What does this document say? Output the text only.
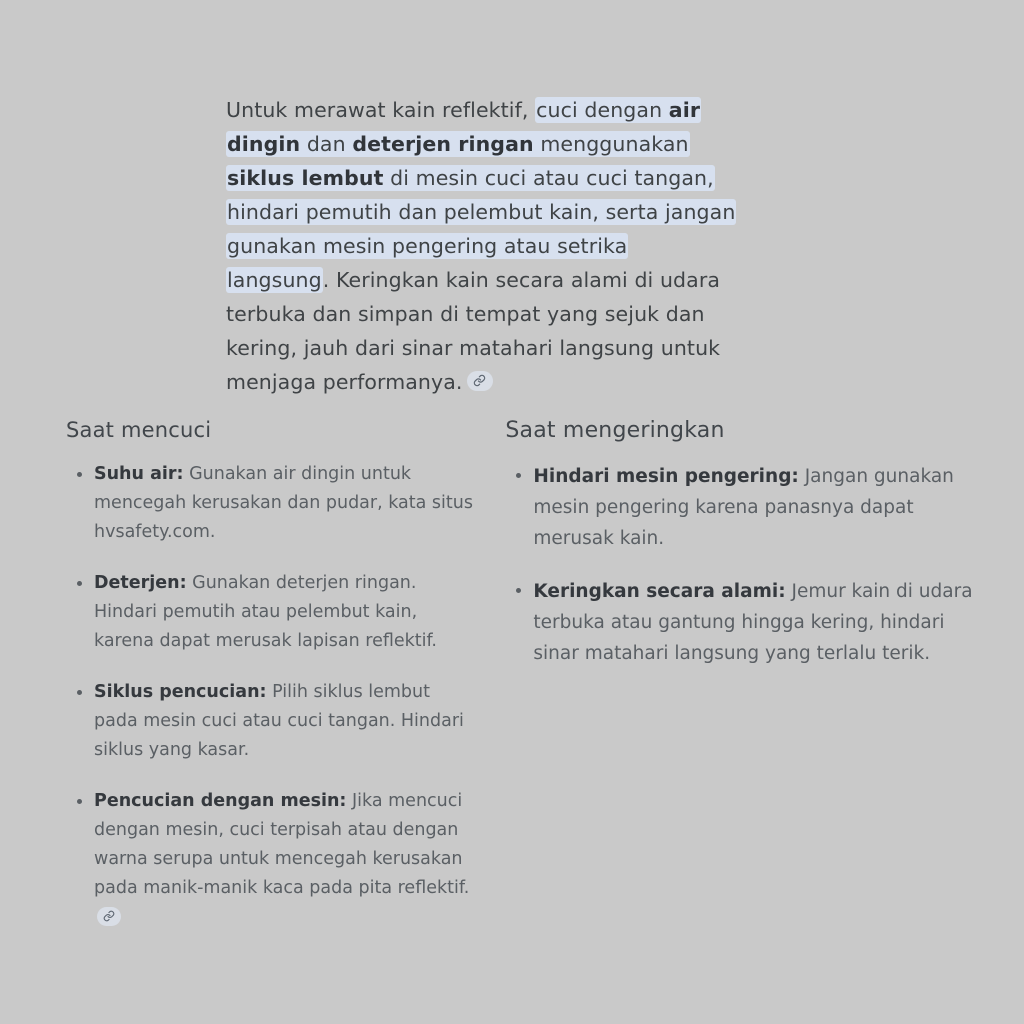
Untuk merawat kain reflektif, cuci dengan air dingin dan deterjen ringan menggunakan siklus lembut di mesin cuci atau cuci tangan, hindari pemutih dan pelembut kain, serta jangan gunakan mesin pengering atau setrika langsung. Keringkan kain secara alami di udara terbuka dan simpan di tempat yang sejuk dan kering, jauh dari sinar matahari langsung untuk menjaga performanya.

Saat mencuci
Suhu air: Gunakan air dingin untuk mencegah kerusakan dan pudar, kata situs hvsafety.com.
Deterjen: Gunakan deterjen ringan. Hindari pemutih atau pelembut kain, karena dapat merusak lapisan reflektif.
Siklus pencucian: Pilih siklus lembut pada mesin cuci atau cuci tangan. Hindari siklus yang kasar.
Pencucian dengan mesin: Jika mencuci dengan mesin, cuci terpisah atau dengan warna serupa untuk mencegah kerusakan pada manik-manik kaca pada pita reflektif.
Saat mengeringkan
Hindari mesin pengering: Jangan gunakan mesin pengering karena panasnya dapat merusak kain.
Keringkan secara alami: Jemur kain di udara terbuka atau gantung hingga kering, hindari sinar matahari langsung yang terlalu terik.
